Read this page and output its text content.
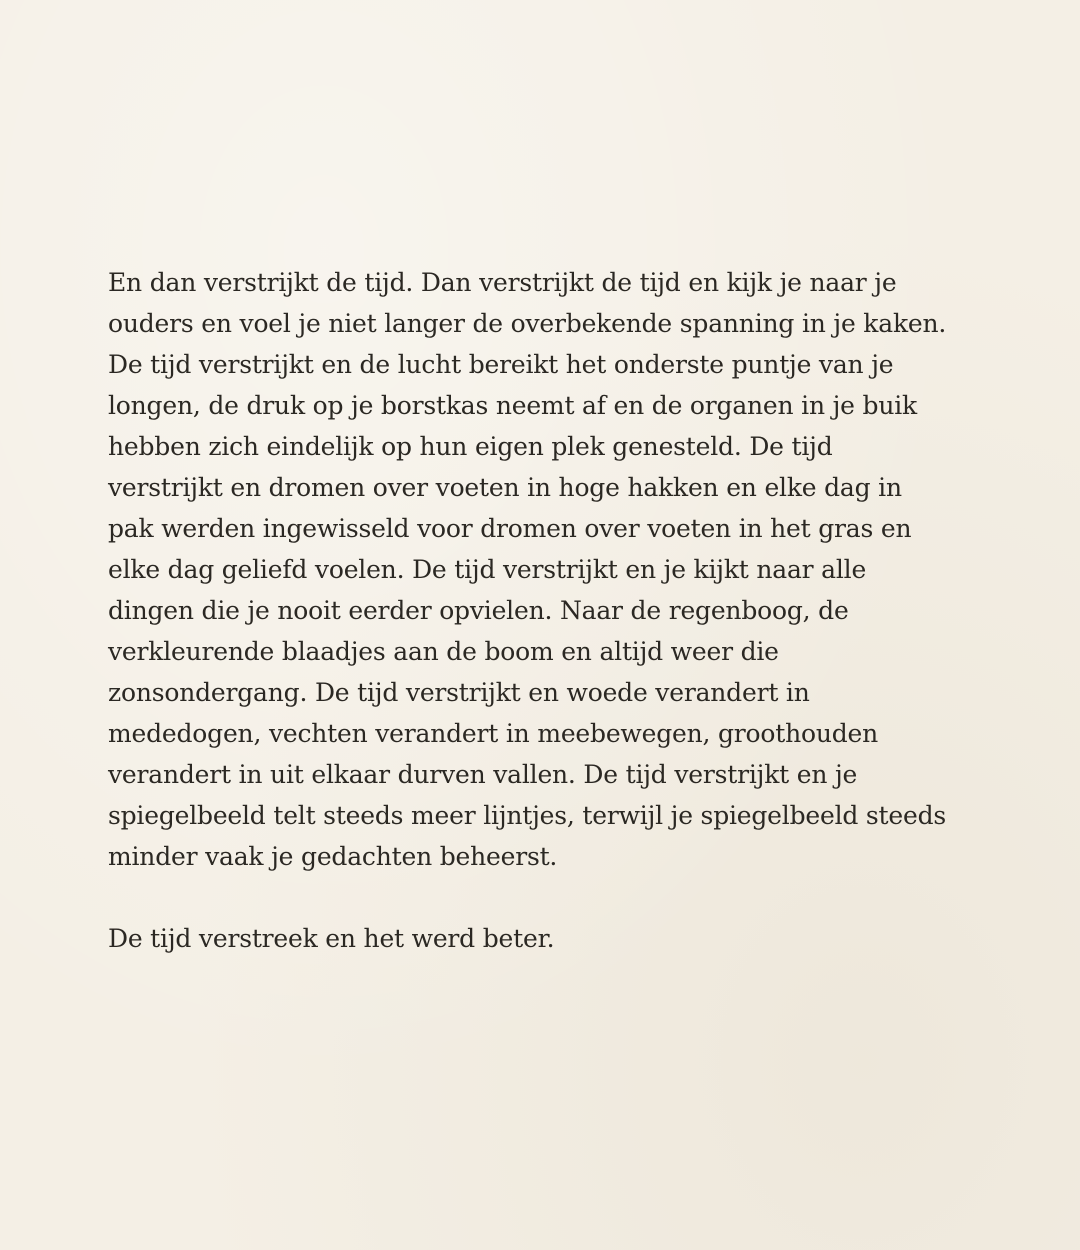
En dan verstrijkt de tijd. Dan verstrijkt de tijd en kijk je naar je
ouders en voel je niet langer de overbekende spanning in je kaken.
De tijd verstrijkt en de lucht bereikt het onderste puntje van je
longen, de druk op je borstkas neemt af en de organen in je buik
hebben zich eindelijk op hun eigen plek genesteld. De tijd
verstrijkt en dromen over voeten in hoge hakken en elke dag in
pak werden ingewisseld voor dromen over voeten in het gras en
elke dag geliefd voelen. De tijd verstrijkt en je kijkt naar alle
dingen die je nooit eerder opvielen. Naar de regenboog, de
verkleurende blaadjes aan de boom en altijd weer die
zonsondergang. De tijd verstrijkt en woede verandert in
mededogen, vechten verandert in meebewegen, groothouden
verandert in uit elkaar durven vallen. De tijd verstrijkt en je
spiegelbeeld telt steeds meer lijntjes, terwijl je spiegelbeeld steeds
minder vaak je gedachten beheerst.

De tijd verstreek en het werd beter.
